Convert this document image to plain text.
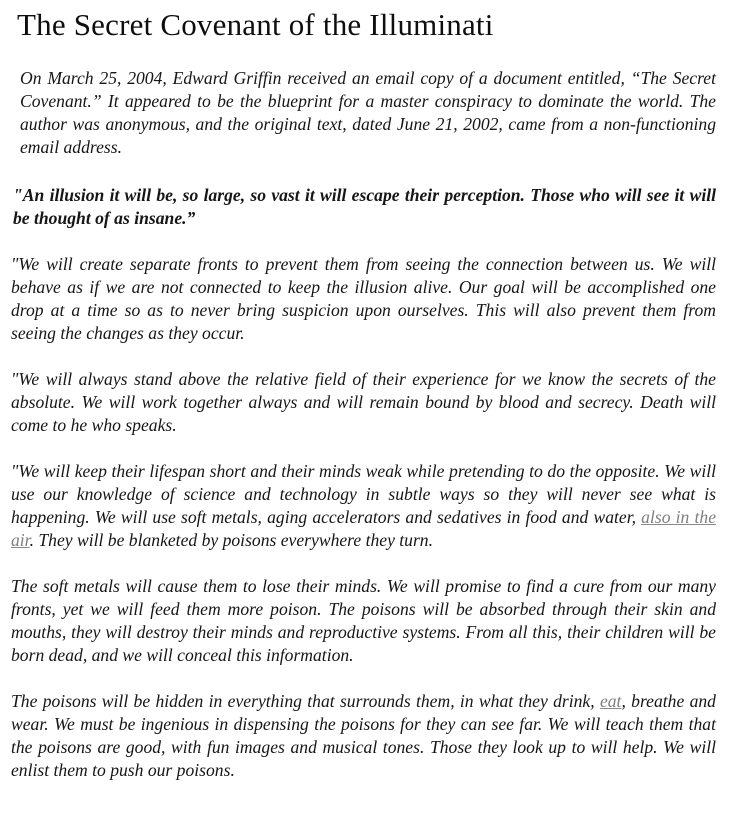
The Secret Covenant of the Illuminati

On March 25, 2004, Edward Griffin received an email copy of a document entitled, “The Secret Covenant.” It appeared to be the blueprint for a master conspiracy to dominate the world. The author was anonymous, and the original text, dated June 21, 2002, came from a non-functioning email address.

"An illusion it will be, so large, so vast it will escape their perception. Those who will see it will be thought of as insane.”

"We will create separate fronts to prevent them from seeing the connection between us. We will behave as if we are not connected to keep the illusion alive. Our goal will be accomplished one drop at a time so as to never bring suspicion upon ourselves. This will also prevent them from seeing the changes as they occur.

"We will always stand above the relative field of their experience for we know the secrets of the absolute. We will work together always and will remain bound by blood and secrecy. Death will come to he who speaks.

"We will keep their lifespan short and their minds weak while pretending to do the opposite. We will use our knowledge of science and technology in subtle ways so they will never see what is happening. We will use soft metals, aging accelerators and sedatives in food and water, also in the air. They will be blanketed by poisons everywhere they turn.

The soft metals will cause them to lose their minds. We will promise to find a cure from our many fronts, yet we will feed them more poison. The poisons will be absorbed through their skin and mouths, they will destroy their minds and reproductive systems. From all this, their children will be born dead, and we will conceal this information.

The poisons will be hidden in everything that surrounds them, in what they drink, eat, breathe and wear. We must be ingenious in dispensing the poisons for they can see far. We will teach them that the poisons are good, with fun images and musical tones. Those they look up to will help. We will enlist them to push our poisons.
